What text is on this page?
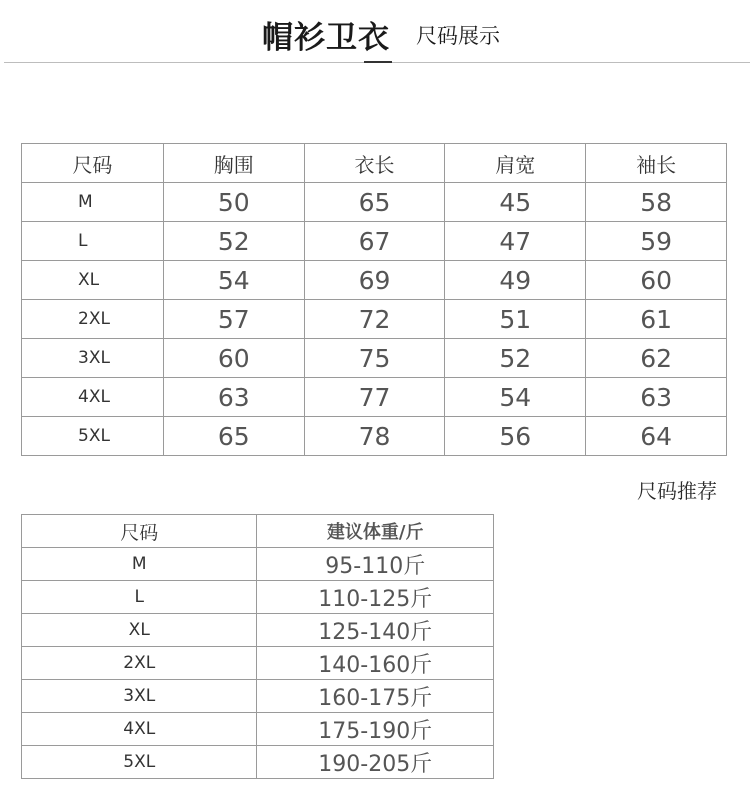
帽衫卫衣 尺码展示
尺码	胸围	衣长	肩宽	袖长
M	50	65	45	58
L	52	67	47	59
XL	54	69	49	60
2XL	57	72	51	61
3XL	60	75	52	62
4XL	63	77	54	63
5XL	65	78	56	64
尺码推荐
尺码	建议体重/斤
M	95-110斤
L	110-125斤
XL	125-140斤
2XL	140-160斤
3XL	160-175斤
4XL	175-190斤
5XL	190-205斤
